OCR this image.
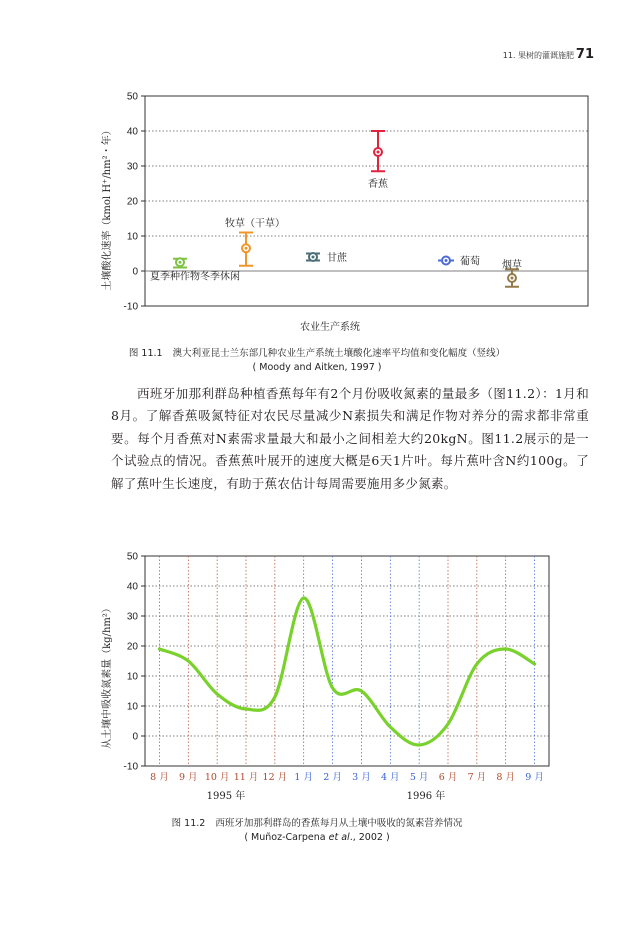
11. 果树的灌溉施肥 71
-10
0
10
20
30
40
50
夏季种作物冬季休闲
牧草（干草）
甘蔗
香蕉
葡萄 烟草
土壤酸化速率（kmol H⁺/hm²・年）
农业生产系统
图 11.1 澳大利亚昆士兰东部几种农业生产系统土壤酸化速率平均值和变化幅度（竖线）
( Moody and Aitken, 1997 )

西班牙加那利群岛种植香蕉每年有2个月份吸收氮素的量最多（图11.2）：1月和8月。了解香蕉吸氮特征对农民尽量减少N素损失和满足作物对养分的需求都非常重要。每个月香蕉对N素需求量最大和最小之间相差大约20kgN。图11.2展示的是一个试验点的情况。香蕉蕉叶展开的速度大概是6天1片叶。每片蕉叶含N约100g。了解了蕉叶生长速度，有助于蕉农估计每周需要施用多少氮素。

50
40
30
20
10
10
0
-10
8 月 9 月 10 月 11 月 12 月 1 月 2 月 3 月 4 月 5 月 6 月 7 月 8 月 9 月
从土壤中吸收氮素量（kg/hm²）
1995 年	1996 年
图 11.2 西班牙加那利群岛的香蕉每月从土壤中吸收的氮素营养情况
( Muñoz-Carpena et al., 2002 )
